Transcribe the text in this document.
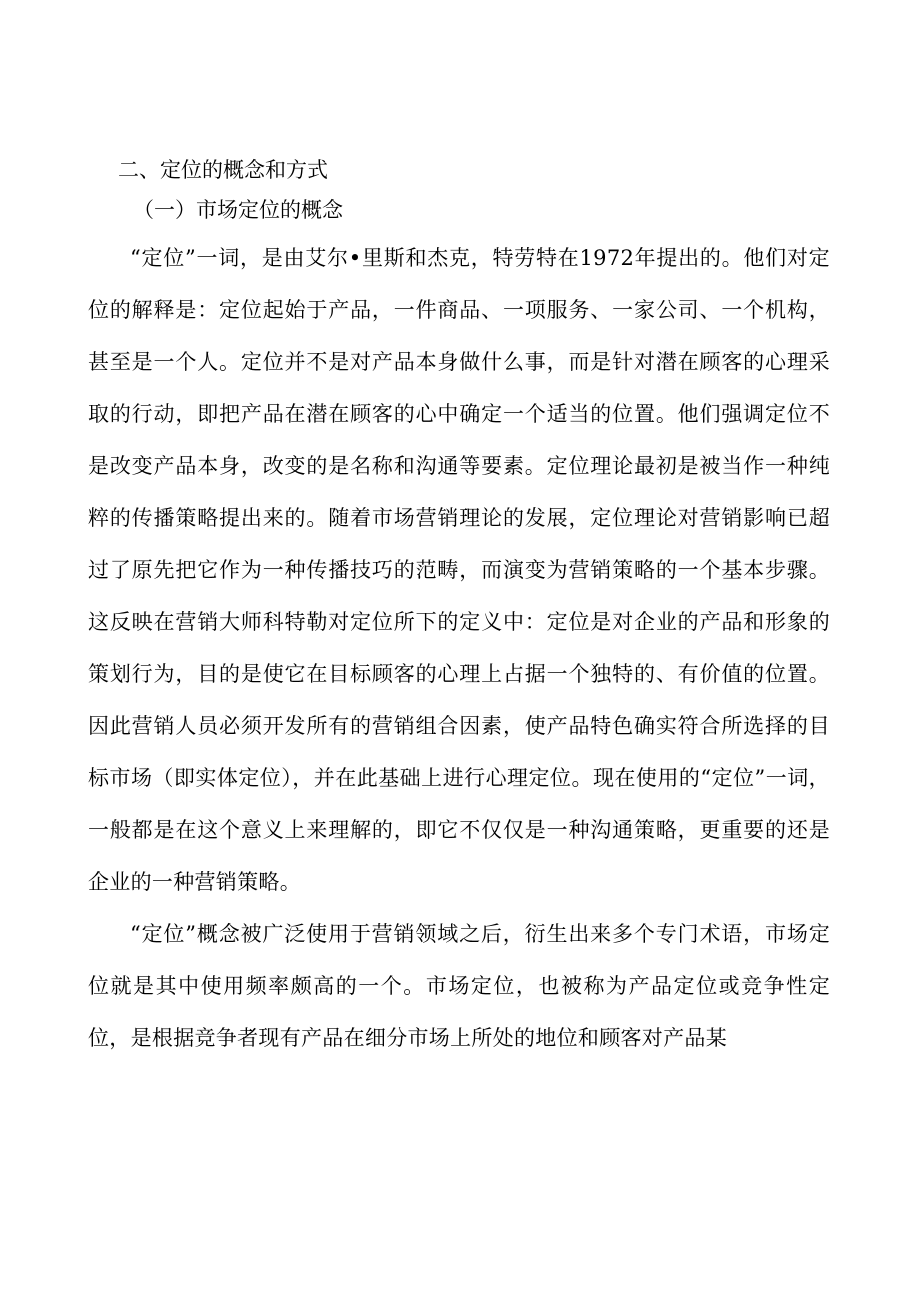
二、定位的概念和方式
（一）市场定位的概念

“定位”一词，是由艾尔•里斯和杰克，特劳特在1972年提出的。他们对定位的解释是：定位起始于产品，一件商品、一项服务、一家公司、一个机构，甚至是一个人。定位并不是对产品本身做什么事，而是针对潜在顾客的心理采取的行动，即把产品在潜在顾客的心中确定一个适当的位置。他们强调定位不是改变产品本身，改变的是名称和沟通等要素。定位理论最初是被当作一种纯粹的传播策略提出来的。随着市场营销理论的发展，定位理论对营销影响已超过了原先把它作为一种传播技巧的范畴，而演变为营销策略的一个基本步骤。这反映在营销大师科特勒对定位所下的定义中：定位是对企业的产品和形象的策划行为，目的是使它在目标顾客的心理上占据一个独特的、有价值的位置。因此营销人员必须开发所有的营销组合因素，使产品特色确实符合所选择的目标市场（即实体定位），并在此基础上进行心理定位。现在使用的“定位”一词，一般都是在这个意义上来理解的，即它不仅仅是一种沟通策略，更重要的还是企业的一种营销策略。

“定位”概念被广泛使用于营销领域之后，衍生出来多个专门术语，市场定位就是其中使用频率颇高的一个。市场定位，也被称为产品定位或竞争性定位，是根据竞争者现有产品在细分市场上所处的地位和顾客对产品某
